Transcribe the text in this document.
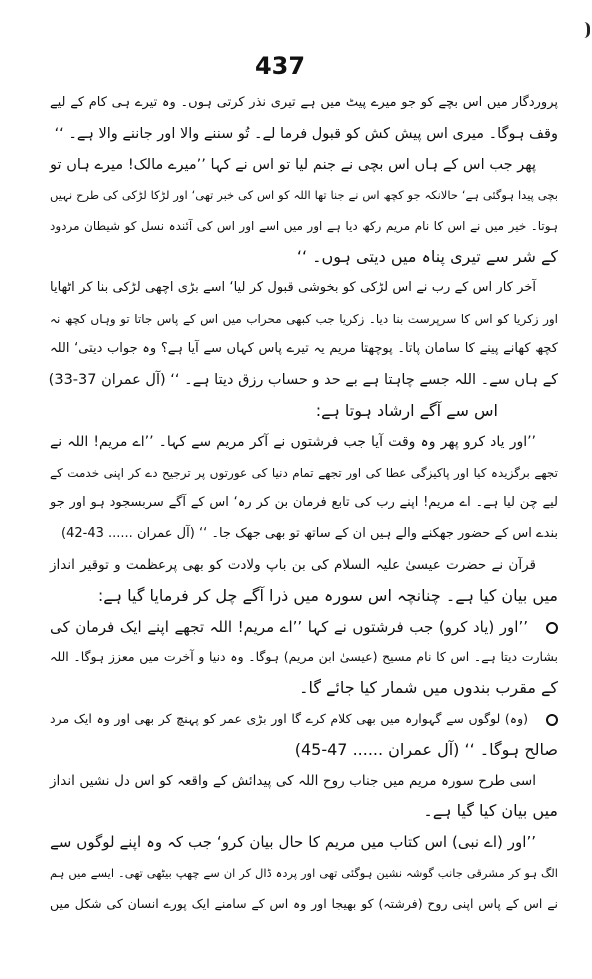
437
پروردگار میں اس بچے کو جو میرے پیٹ میں ہے تیری نذر کرتی ہوں۔ وہ تیرے ہی کام کے لیے
وقف ہوگا۔ میری اس پیش کش کو قبول فرما لے۔ تُو سننے والا اور جاننے والا ہے۔ ‘‘
پھر جب اس کے ہاں اس بچی نے جنم لیا تو اس نے کہا ’’میرے مالک! میرے ہاں تو
بچی پیدا ہوگئی ہے‘ حالانکہ جو کچھ اس نے جنا تھا اللہ کو اس کی خبر تھی‘ اور لڑکا لڑکی کی طرح نہیں
ہوتا۔ خیر میں نے اس کا نام مریم رکھ دیا ہے اور میں اسے اور اس کی آئندہ نسل کو شیطان مردود
کے شر سے تیری پناہ میں دیتی ہوں۔ ‘‘
آخر کار اس کے رب نے اس لڑکی کو بخوشی قبول کر لیا‘ اسے بڑی اچھی لڑکی بنا کر اٹھایا
اور زکریا کو اس کا سرپرست بنا دیا۔ زکریا جب کبھی محراب میں اس کے پاس جاتا تو وہاں کچھ نہ
کچھ کھانے پینے کا سامان پاتا۔ پوچھتا مریم یہ تیرے پاس کہاں سے آیا ہے؟ وہ جواب دیتی‘ اللہ
کے ہاں سے۔ اللہ جسے چاہتا ہے بے حد و حساب رزق دیتا ہے۔ ‘‘ (آل عمران 37-33)
اس سے آگے ارشاد ہوتا ہے:
’’اور یاد کرو پھر وہ وقت آیا جب فرشتوں نے آکر مریم سے کہا۔ ’’اے مریم! اللہ نے
تجھے برگزیدہ کیا اور پاکیزگی عطا کی اور تجھے تمام دنیا کی عورتوں پر ترجیح دے کر اپنی خدمت کے
لیے چن لیا ہے۔ اے مریم! اپنے رب کی تابع فرمان بن کر رہ‘ اس کے آگے سربسجود ہو اور جو
بندے اس کے حضور جھکنے والے ہیں ان کے ساتھ تو بھی جھک جا۔ ‘‘ (آل عمران ...... 43-42)
قرآن نے حضرت عیسیٰ علیہ السلام کی بن باپ ولادت کو بھی پرعظمت و توقیر انداز
میں بیان کیا ہے۔ چنانچہ اس سورہ میں ذرا آگے چل کر فرمایا گیا ہے:
’’اور (یاد کرو) جب فرشتوں نے کہا ’’اے مریم! اللہ تجھے اپنے ایک فرمان کی
بشارت دیتا ہے۔ اس کا نام مسیح (عیسیٰ ابن مریم) ہوگا۔ وہ دنیا و آخرت میں معزز ہوگا۔ اللہ
کے مقرب بندوں میں شمار کیا جائے گا۔
(وہ) لوگوں سے گہوارہ میں بھی کلام کرے گا اور بڑی عمر کو پہنچ کر بھی اور وہ ایک مرد
صالح ہوگا۔ ‘‘ (آل عمران ...... 47-45)
اسی طرح سورہ مریم میں جناب روح اللہ کی پیدائش کے واقعہ کو اس دل نشیں انداز
میں بیان کیا گیا ہے۔
’’اور (اے نبی) اس کتاب میں مریم کا حال بیان کرو‘ جب کہ وہ اپنے لوگوں سے
الگ ہو کر مشرقی جانب گوشہ نشین ہوگئی تھی اور پردہ ڈال کر ان سے چھپ بیٹھی تھی۔ ایسے میں ہم
نے اس کے پاس اپنی روح (فرشتہ) کو بھیجا اور وہ اس کے سامنے ایک پورے انسان کی شکل میں
